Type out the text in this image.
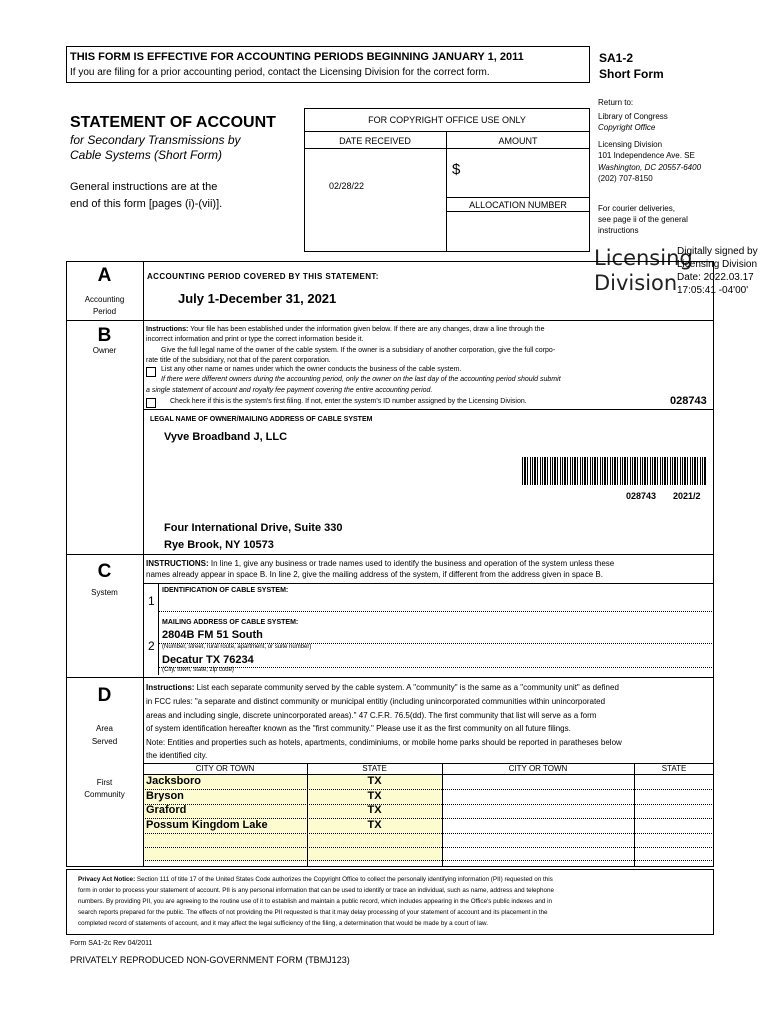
THIS FORM IS EFFECTIVE FOR ACCOUNTING PERIODS BEGINNING JANUARY 1, 2011
If you are filing for a prior accounting period, contact the Licensing Division for the correct form.
SA1-2
Short Form
STATEMENT OF ACCOUNT
for Secondary Transmissions by
Cable Systems (Short Form)
General instructions are at the
end of this form [pages (i)-(vii)].
FOR COPYRIGHT OFFICE USE ONLY
DATE RECEIVED	AMOUNT
$
02/28/22
ALLOCATION NUMBER
Return to:
Library of Congress
Copyright Office
Licensing Division
101 Independence Ave. SE
Washington, DC 20557-6400
(202) 707-8150
For courier deliveries,
see page ii of the general
instructions
Licensing
Division
Digitally signed by
Licensing Division
Date: 2022.03.17
17:05:41 -04'00'
A
Accounting
Period
ACCOUNTING PERIOD COVERED BY THIS STATEMENT:
July 1-December 31, 2021
B
Owner
Instructions: Your file has been established under the information given below. If there are any changes, draw a line through the
incorrect information and print or type the correct information beside it.
Give the full legal name of the owner of the cable system. If the owner is a subsidiary of another corporation, give the full corpo-
rate title of the subsidiary, not that of the parent corporation.
List any other name or names under which the owner conducts the business of the cable system.
If there were different owners during the accounting period, only the owner on the last day of the accounting period should submit
a single statement of account and royalty fee payment covering the entire accounting period.
Check here if this is the system's first filing. If not, enter the system's ID number assigned by the Licensing Division.	028743
LEGAL NAME OF OWNER/MAILING ADDRESS OF CABLE SYSTEM
Vyve Broadband J, LLC
028743 2021/2
Four International Drive, Suite 330
Rye Brook, NY 10573
C
System
INSTRUCTIONS: In line 1, give any business or trade names used to identify the business and operation of the system unless these
names already appear in space B. In line 2, give the mailing address of the system, if different from the address given in space B.
1
IDENTIFICATION OF CABLE SYSTEM:
2
MAILING ADDRESS OF CABLE SYSTEM:
2804B FM 51 South
(Number, street, rural route, apartment, or suite number)
Decatur TX 76234
(City, town, state, zip code)
D
Area
Served
Instructions: List each separate community served by the cable system. A "community" is the same as a "community unit" as defined
in FCC rules: "a separate and distinct community or municipal entitiy (including unincorporated communities within unincorporated
areas and including single, discrete unincorporated areas)." 47 C.F.R. 76.5(dd). The first community that list will serve as a form
of system identification hereafter known as the "first community." Please use it as the first community on all future filings.
Note: Entities and properties such as hotels, apartments, condiminiums, or mobile home parks should be reported in paratheses below
the identified city.
First
Community
CITY OR TOWN	STATE	CITY OR TOWN	STATE
Jacksboro	TX
Bryson	TX
Graford	TX
Possum Kingdom Lake	TX
Privacy Act Notice: Section 111 of title 17 of the United States Code authorizes the Copyright Office to collect the personally identifying information (PII) requested on this
form in order to process your statement of account. PII is any personal information that can be used to identify or trace an individual, such as name, address and telephone
numbers. By providing PII, you are agreeing to the routine use of it to establish and maintain a public record, which includes appearing in the Office's public indexes and in
search reports prepared for the public. The effects of not providing the PII requested is that it may delay processing of your statement of account and its placement in the
completed record of statements of account, and it may affect the legal sufficiency of the filing, a determination that would be made by a court of law.
Form SA1-2c Rev 04/2011
PRIVATELY REPRODUCED NON-GOVERNMENT FORM (TBMJ123)
